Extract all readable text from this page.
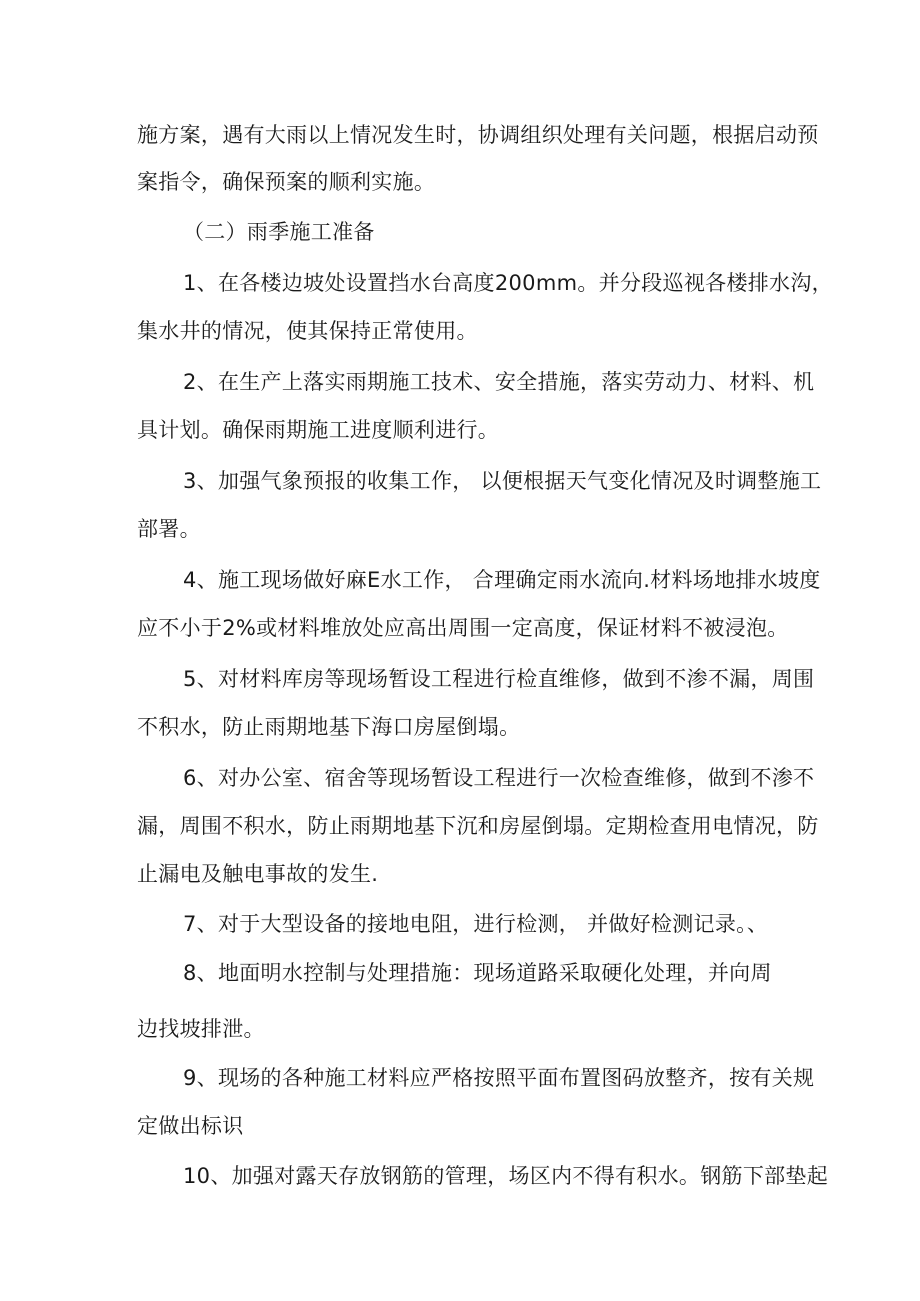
施方案，遇有大雨以上情况发生时，协调组织处理有关问题，根据启动预

案指令，确保预案的顺利实施。

（二）雨季施工准备

1、在各楼边坡处设置挡水台高度200mm。并分段巡视各楼排水沟，

集水井的情况，使其保持正常使用。

2、在生产上落实雨期施工技术、安全措施，落实劳动力、材料、机

具计划。确保雨期施工进度顺利进行。

3、加强气象预报的收集工作， 以便根据天气变化情况及时调整施工

部署。

4、施工现场做好麻E水工作， 合理确定雨水流向.材料场地排水坡度

应不小于2%或材料堆放处应高出周围一定高度，保证材料不被浸泡。

5、对材料库房等现场暂设工程进行检直维修，做到不渗不漏，周围

不积水，防止雨期地基下海口房屋倒塌。

6、对办公室、宿舍等现场暂设工程进行一次检查维修，做到不渗不

漏，周围不积水，防止雨期地基下沉和房屋倒塌。定期检查用电情况，防

止漏电及触电事故的发生.

7、对于大型设备的接地电阻，进行检测， 并做好检测记录。、

8、地面明水控制与处理措施：现场道路采取硬化处理，并向周

边找坡排泄。

9、现场的各种施工材料应严格按照平面布置图码放整齐，按有关规

定做出标识

10、加强对露天存放钢筋的管理，场区内不得有积水。钢筋下部垫起
